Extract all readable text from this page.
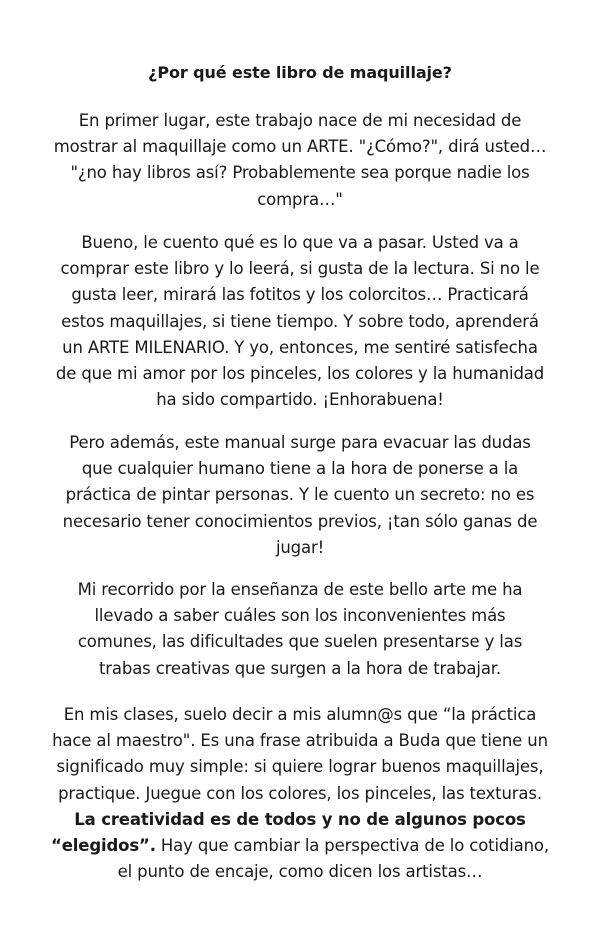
¿Por qué este libro de maquillaje?

En primer lugar, este trabajo nace de mi necesidad de
mostrar al maquillaje como un ARTE. "¿Cómo?", dirá usted…
"¿no hay libros así? Probablemente sea porque nadie los
compra…"

Bueno, le cuento qué es lo que va a pasar. Usted va a
comprar este libro y lo leerá, si gusta de la lectura. Si no le
gusta leer, mirará las fotitos y los colorcitos… Practicará
estos maquillajes, si tiene tiempo. Y sobre todo, aprenderá
un ARTE MILENARIO. Y yo, entonces, me sentiré satisfecha
de que mi amor por los pinceles, los colores y la humanidad
ha sido compartido. ¡Enhorabuena!

Pero además, este manual surge para evacuar las dudas
que cualquier humano tiene a la hora de ponerse a la
práctica de pintar personas. Y le cuento un secreto: no es
necesario tener conocimientos previos, ¡tan sólo ganas de
jugar!

Mi recorrido por la enseñanza de este bello arte me ha
llevado a saber cuáles son los inconvenientes más
comunes, las dificultades que suelen presentarse y las
trabas creativas que surgen a la hora de trabajar.

En mis clases, suelo decir a mis alumn@s que “la práctica
hace al maestro". Es una frase atribuida a Buda que tiene un
significado muy simple: si quiere lograr buenos maquillajes,
practique. Juegue con los colores, los pinceles, las texturas.
La creatividad es de todos y no de algunos pocos
“elegidos”. Hay que cambiar la perspectiva de lo cotidiano,
el punto de encaje, como dicen los artistas…
